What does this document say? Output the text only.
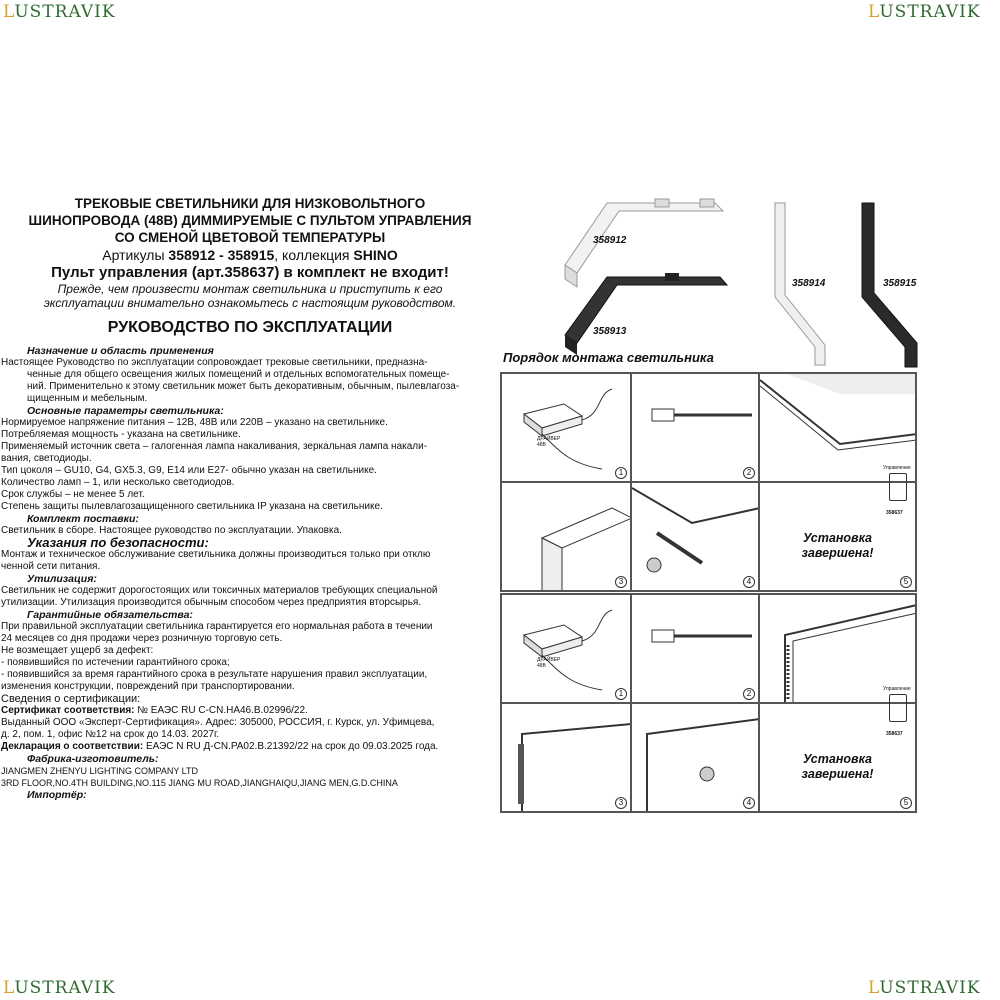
LUSTRAVIK	LUSTRAVIK
LUSTRAVIK	LUSTRAVIK
ТРЕКОВЫЕ СВЕТИЛЬНИКИ ДЛЯ НИЗКОВОЛЬТНОГО
ШИНОПРОВОДА (48В) ДИММИРУЕМЫЕ С ПУЛЬТОМ УПРАВЛЕНИЯ
СО СМЕНОЙ ЦВЕТОВОЙ ТЕМПЕРАТУРЫ
Артикулы 358912 - 358915, коллекция SHINO
Пульт управления (арт.358637) в комплект не входит!
Прежде, чем произвести монтаж светильника и приступить к его
эксплуатации внимательно ознакомьтесь с настоящим руководством.
РУКОВОДСТВО ПО ЭКСПЛУАТАЦИИ

Назначение и область применения

Настоящее Руководство по эксплуатации сопровождает трековые светильники, предназна-

ченные для общего освещения жилых помещений и отдельных вспомогательных помеще-

ний. Применительно к этому светильник может быть декоративным, обычным, пылевлагоза-

щищенным и мебельным.

Основные параметры светильника:

Нормируемое напряжение питания – 12В, 48В или 220В – указано на светильнике.

Потребляемая мощность - указана на светильнике.

Применяемый источник света – галогенная лампа накаливания, зеркальная лампа накали-

вания, светодиоды.

Тип цоколя – GU10, G4, GX5.3, G9, E14 или E27- обычно указан на светильнике.

Количество ламп – 1, или несколько светодиодов.

Срок службы – не менее 5 лет.

Степень защиты пылевлагозащищенного светильника IP указана на светильнике.

Комплект поставки:

Светильник в сборе. Настоящее руководство по эксплуатации. Упаковка.

Указания по безопасности:

Монтаж и техническое обслуживание светильника должны производиться только при отклю

ченной сети питания.

Утилизация:

Светильник не содержит дорогостоящих или токсичных материалов требующих специальной

утилизации. Утилизация производится обычным способом через предприятия вторсырья.

Гарантийные обязательства:

При правильной эксплуатации светильника гарантируется его нормальная работа в течении

24 месяцев со дня продажи через розничную торговую сеть.

Не возмещает ущерб за дефект:

- появившийся по истечении гарантийного срока;

- появившийся за время гарантийного срока в результате нарушения правил эксплуатации,

изменения конструкции, повреждений при транспортировании.

Сведения о сертификации:

Сертификат соответствия: № ЕАЭС RU C-CN.HA46.B.02996/22.

Выданный ООО «Эксперт-Сертификация». Адрес: 305000, РОССИЯ, г. Курск, ул. Уфимцева,

д. 2, пом. 1, офис №12 на срок до 14.03. 2027г.

Декларация о соответствии: ЕАЭС N RU Д-CN.PA02.B.21392/22 на срок до 09.03.2025 года.

Фабрика-изготовитель:

JIANGMEN ZHENYU LIGHTING COMPANY LTD

3RD FLOOR,NO.4TH BUILDING,NO.115 JIANG MU ROAD,JIANGHAIQU,JIANG MEN,G.D.CHINA

Импортёр:

358912
358913
358914	358915
Порядок монтажа светильника
ДРАЙВЕР
48В
1	2
3	4
Установка
завершена!
5
Управление
358637
ДРАЙВЕР
48В
1	2
3	4
Установка
завершена!
5
Управление
358637
